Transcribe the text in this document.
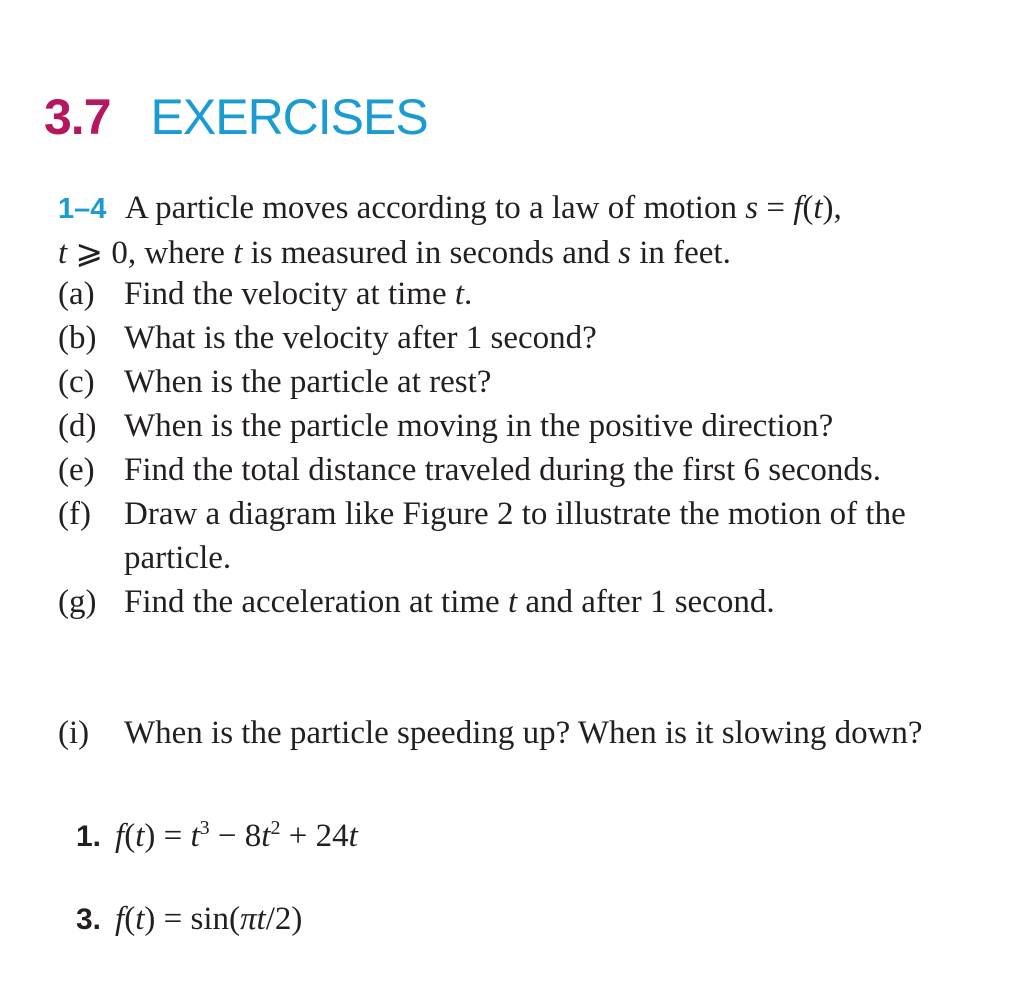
3.7 EXERCISES
1–4 A particle moves according to a law of motion s = f(t),
t ⩾ 0, where t is measured in seconds and s in feet.
(a) Find the velocity at time t.
(b) What is the velocity after 1 second?
(c) When is the particle at rest?
(d) When is the particle moving in the positive direction?
(e) Find the total distance traveled during the first 6 seconds.
(f)	Draw a diagram like Figure 2 to illustrate the motion of the particle.
(g) Find the acceleration at time t and after 1 second.
(i)	When is the particle speeding up? When is it slowing down?
1. $f(t) = t^3 - 8t^2 + 24t$
3. f(t) = sin(πt/2)
